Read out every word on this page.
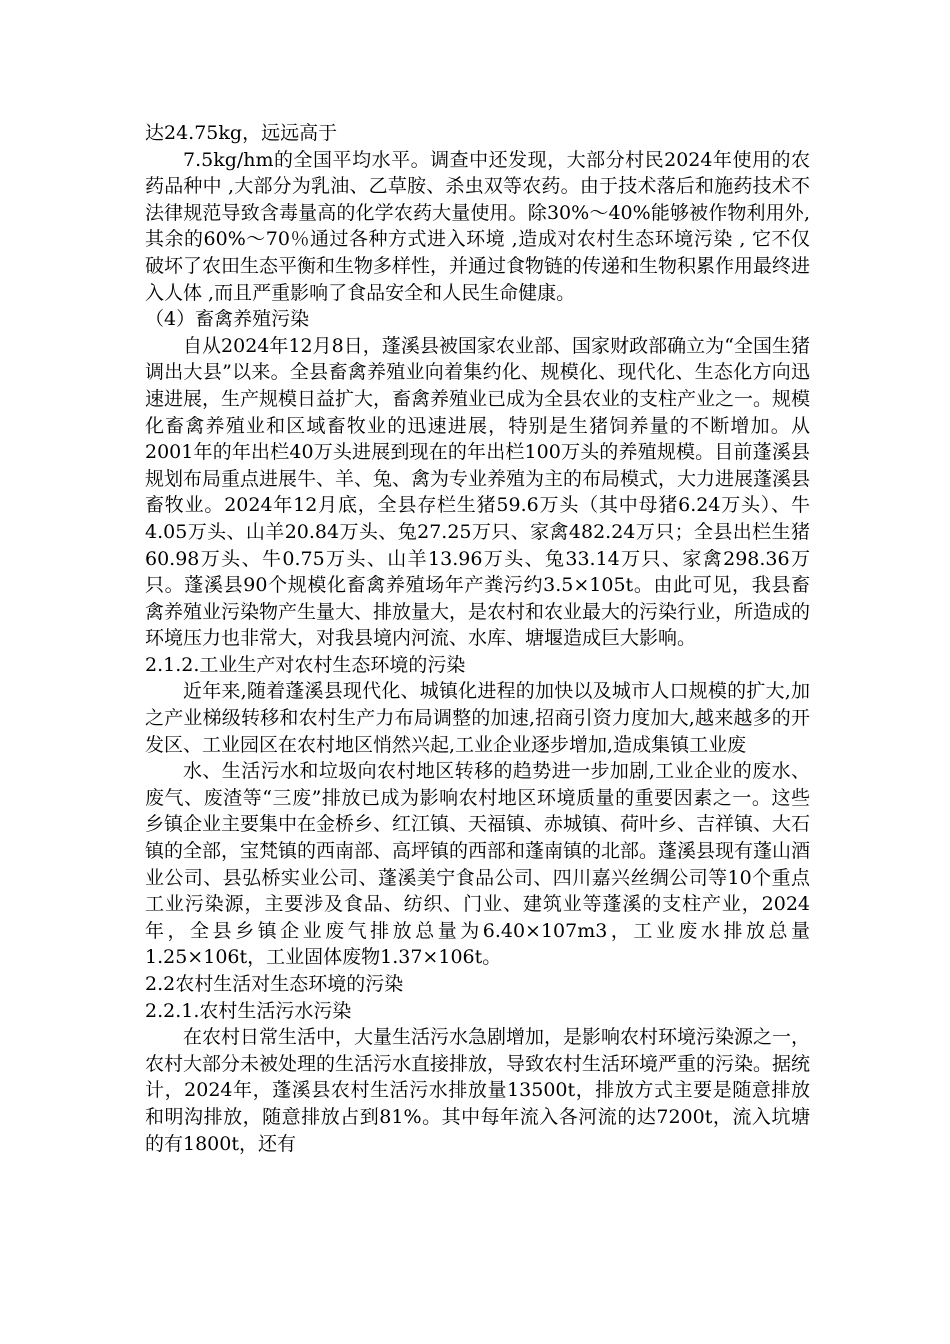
达24.75kg，远远高于

7.5kg/hm的全国平均水平。调查中还发现，大部分村民2024年使用的农药品种中 ,大部分为乳油、乙草胺、杀虫双等农药。由于技术落后和施药技术不法律规范导致含毒量高的化学农药大量使用。除30%～40%能够被作物利用外,其余的60%～70％通过各种方式进入环境 ,造成对农村生态环境污染 , 它不仅破坏了农田生态平衡和生物多样性，并通过食物链的传递和生物积累作用最终进入人体 ,而且严重影响了食品安全和人民生命健康。

（4）畜禽养殖污染

自从2024年12月8日，蓬溪县被国家农业部、国家财政部确立为“全国生猪调出大县”以来。全县畜禽养殖业向着集约化、规模化、现代化、生态化方向迅速进展，生产规模日益扩大，畜禽养殖业已成为全县农业的支柱产业之一。规模化畜禽养殖业和区域畜牧业的迅速进展，特别是生猪饲养量的不断增加。从2001年的年出栏40万头进展到现在的年出栏100万头的养殖规模。目前蓬溪县规划布局重点进展牛、羊、兔、禽为专业养殖为主的布局模式，大力进展蓬溪县畜牧业。2024年12月底，全县存栏生猪59.6万头（其中母猪6.24万头）、牛4.05万头、山羊20.84万头、兔27.25万只、家禽482.24万只；全县出栏生猪60.98万头、牛0.75万头、山羊13.96万头、兔33.14万只、家禽298.36万只。蓬溪县90个规模化畜禽养殖场年产粪污约3.5×105t。由此可见，我县畜禽养殖业污染物产生量大、排放量大，是农村和农业最大的污染行业，所造成的环境压力也非常大，对我县境内河流、水库、塘堰造成巨大影响。

2.1.2.工业生产对农村生态环境的污染

近年来,随着蓬溪县现代化、城镇化进程的加快以及城市人口规模的扩大,加之产业梯级转移和农村生产力布局调整的加速,招商引资力度加大,越来越多的开发区、工业园区在农村地区悄然兴起,工业企业逐步增加,造成集镇工业废

水、生活污水和垃圾向农村地区转移的趋势进一步加剧,工业企业的废水、废气、废渣等“三废”排放已成为影响农村地区环境质量的重要因素之一。这些乡镇企业主要集中在金桥乡、红江镇、天福镇、赤城镇、荷叶乡、吉祥镇、大石镇的全部，宝梵镇的西南部、高坪镇的西部和蓬南镇的北部。蓬溪县现有蓬山酒业公司、县弘桥实业公司、蓬溪美宁食品公司、四川嘉兴丝绸公司等10个重点工业污染源，主要涉及食品、纺织、门业、建筑业等蓬溪的支柱产业，2024年，全县乡镇企业废气排放总量为6.40×107m3，工业废水排放总量1.25×106t，工业固体废物1.37×106t。

2.2农村生活对生态环境的污染

2.2.1.农村生活污水污染

在农村日常生活中，大量生活污水急剧增加，是影响农村环境污染源之一，农村大部分未被处理的生活污水直接排放，导致农村生活环境严重的污染。据统计，2024年，蓬溪县农村生活污水排放量13500t，排放方式主要是随意排放和明沟排放，随意排放占到81%。其中每年流入各河流的达7200t，流入坑塘的有1800t，还有
